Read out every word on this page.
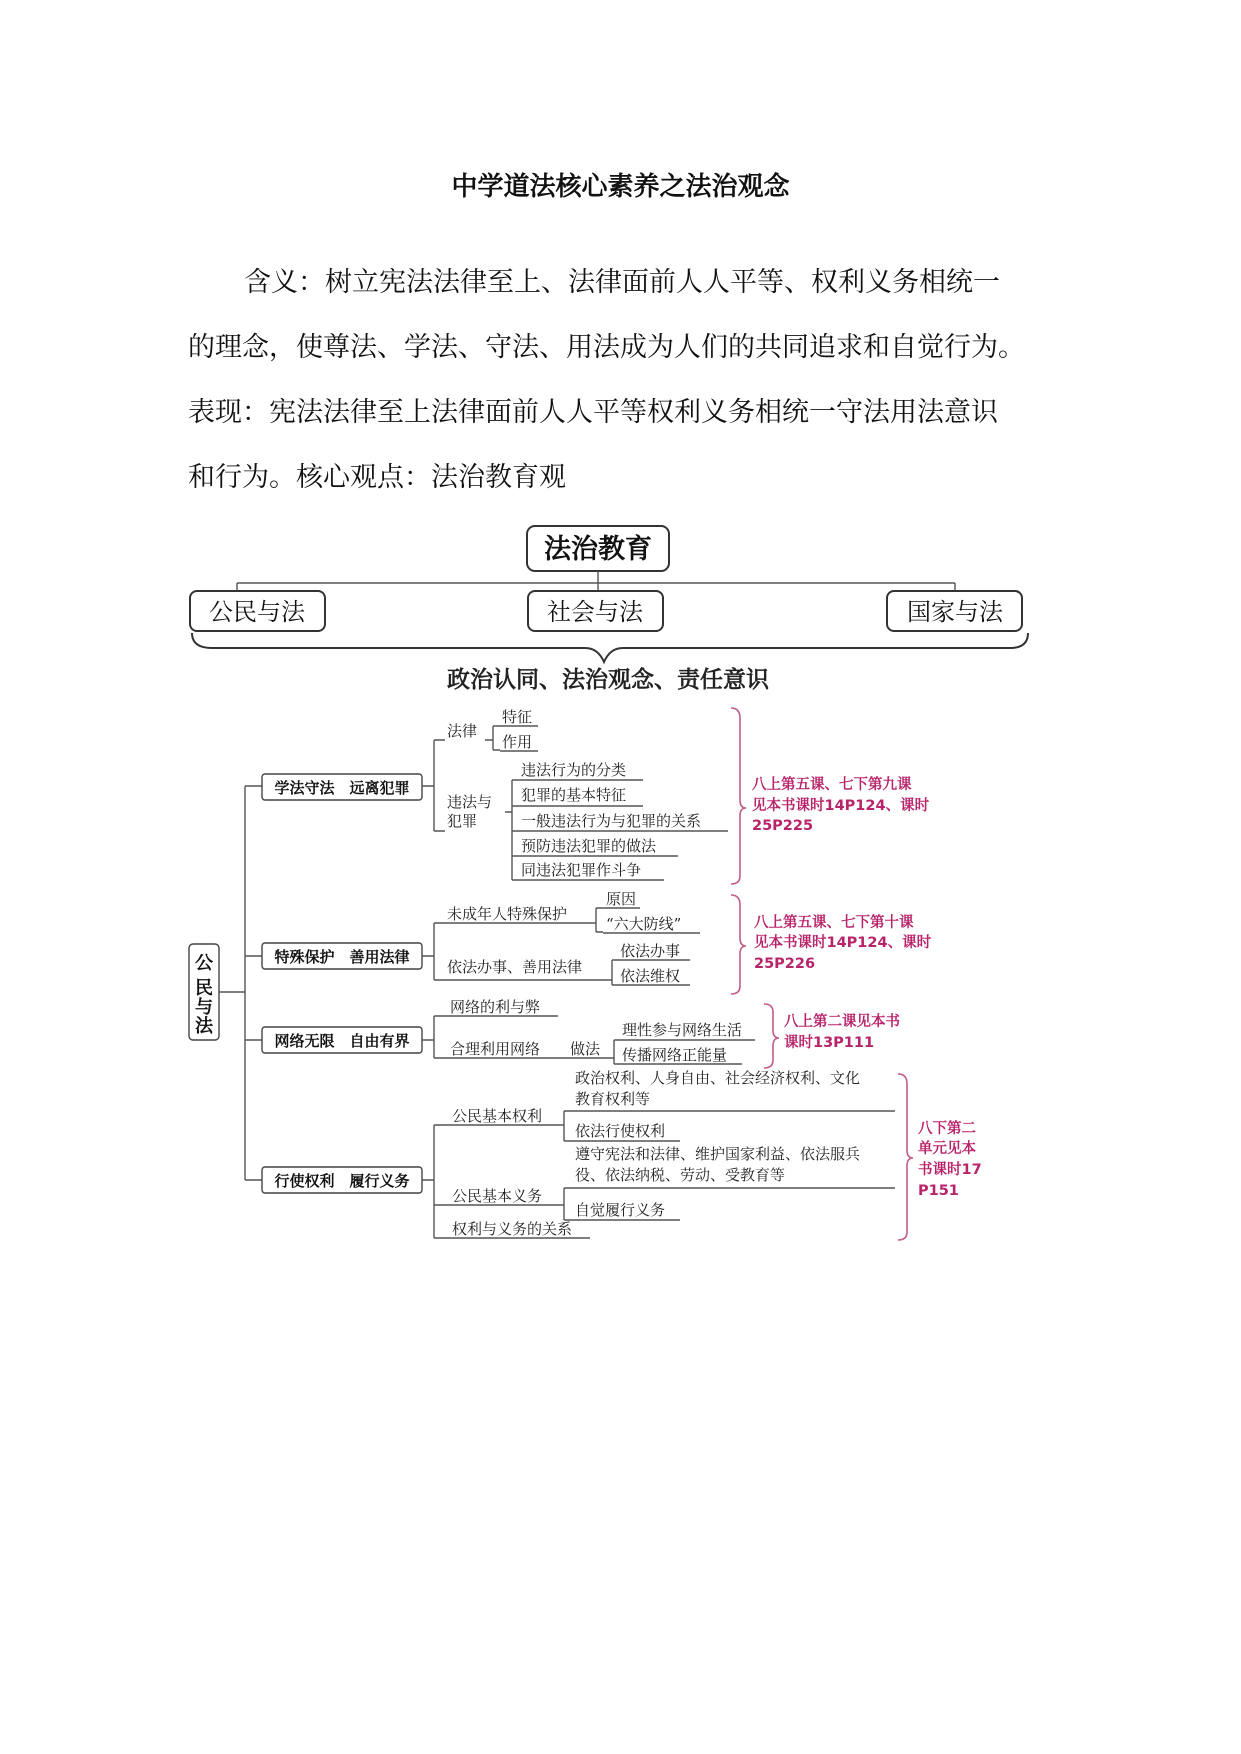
中学道法核心素养之法治观念

含义：树立宪法法律至上、法律面前人人平等、权利义务相统一

的理念，使尊法、学法、守法、用法成为人们的共同追求和自觉行为。

表现：宪法法律至上法律面前人人平等权利义务相统一守法用法意识

和行为。核心观点：法治教育观

法治教育
公民与法	社会与法	国家与法
政治认同、法治观念、责任意识
公
民
与
法
学法守法　远离犯罪
法律
特征
作用
违法与
犯罪
违法行为的分类
犯罪的基本特征
一般违法行为与犯罪的关系
预防违法犯罪的做法
同违法犯罪作斗争
八上第五课、七下第九课
见本书课时14P124、课时
25P225
特殊保护　善用法律
未成年人特殊保护
原因
“六大防线”
依法办事、善用法律
依法办事
依法维权
八上第五课、七下第十课
见本书课时14P124、课时
25P226
网络无限　自由有界
网络的利与弊
合理利用网络 做法
理性参与网络生活
传播网络正能量
八上第二课见本书
课时13P111
行使权利　履行义务
公民基本权利
政治权利、人身自由、社会经济权利、文化
教育权利等
依法行使权利
公民基本义务
遵守宪法和法律、维护国家利益、依法服兵
役、依法纳税、劳动、受教育等
自觉履行义务
权利与义务的关系
八下第二
单元见本
书课时17
P151
